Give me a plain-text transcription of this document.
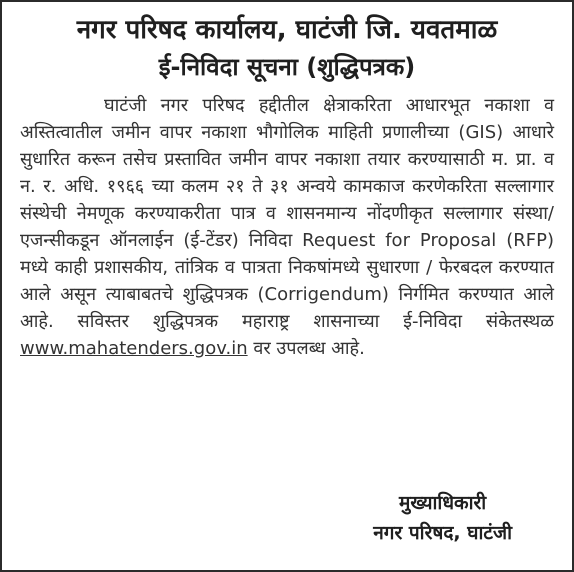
नगर परिषद कार्यालय, घाटंजी जि. यवतमाळ
ई-निविदा सूचना (शुद्धिपत्रक)

घाटंजी नगर परिषद हद्दीतील क्षेत्राकरिता आधारभूत नकाशा व अस्तित्वातील जमीन वापर नकाशा भौगोलिक माहिती प्रणालीच्या (GIS) आधारे सुधारित करून तसेच प्रस्तावित जमीन वापर नकाशा तयार करण्यासाठी म. प्रा. व न. र. अधि. १९६६ च्या कलम २१ ते ३१ अन्वये कामकाज करणेकरिता सल्लागार संस्थेची नेमणूक करण्याकरीता पात्र व शासनमान्य नोंदणीकृत सल्लागार संस्था/एजन्सीकडून ऑनलाईन (ई-टेंडर) निविदा Request for Proposal (RFP) मध्ये काही प्रशासकीय, तांत्रिक व पात्रता निकषांमध्ये सुधारणा / फेरबदल करण्यात आले असून त्याबाबतचे शुद्धिपत्रक (Corrigendum) निर्गमित करण्यात आले आहे. सविस्तर शुद्धिपत्रक महाराष्ट्र शासनाच्या ई-निविदा संकेतस्थळ www.mahatenders.gov.in वर उपलब्ध आहे.

मुख्याधिकारी
नगर परिषद, घाटंजी
